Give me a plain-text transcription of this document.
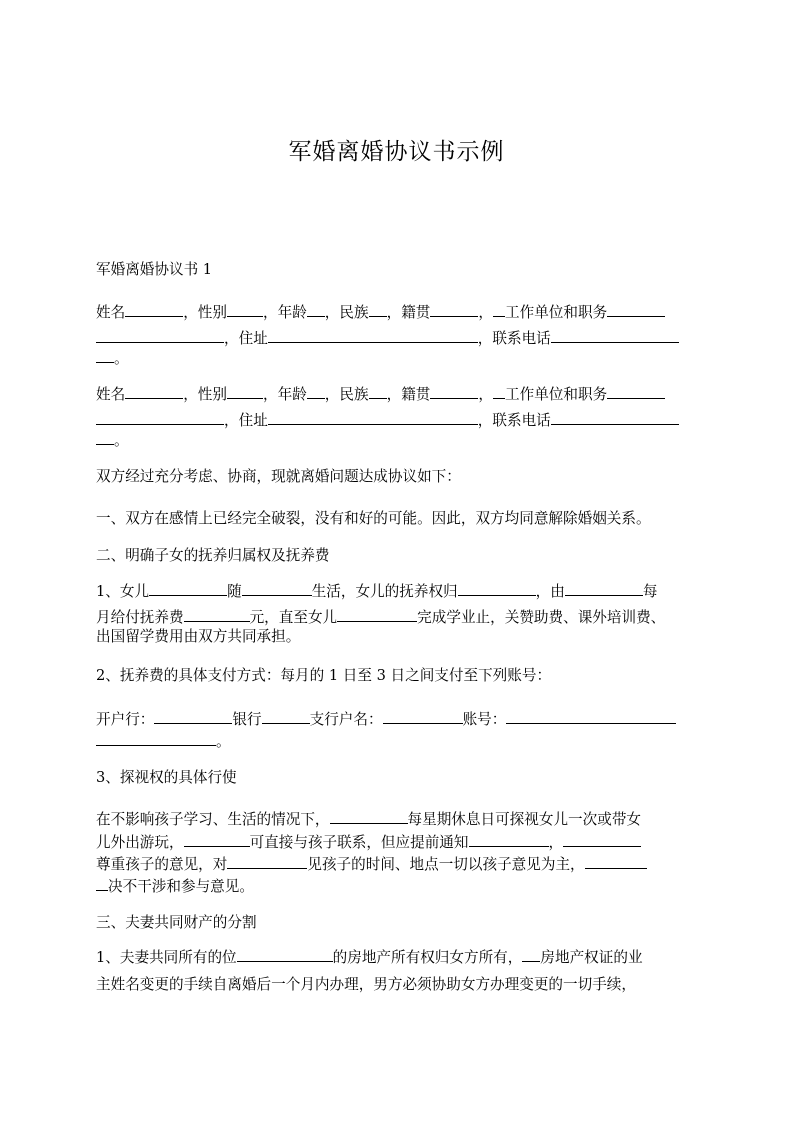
军婚离婚协议书示例
军婚离婚协议书 1
姓名	，性别 ，年龄 ，民族 ，籍贯	， 工作单位和职务
，住址	，联系电话
。
姓名	，性别 ，年龄 ，民族 ，籍贯	， 工作单位和职务
，住址	，联系电话
。
双方经过充分考虑、协商，现就离婚问题达成协议如下：
一、双方在感情上已经完全破裂，没有和好的可能。因此，双方均同意解除婚姻关系。
二、明确子女的抚养归属权及抚养费
1、女儿	随	生活，女儿的抚养权归	，由	每
月给付抚养费	元，直至女儿	完成学业止，关赞助费、课外培训费、
出国留学费用由双方共同承担。
2、抚养费的具体支付方式：每月的 1 日至 3 日之间支付至下列账号：
开户行：	银行	支行户名：	账号：
。
3、探视权的具体行使
在不影响孩子学习、生活的情况下，	每星期休息日可探视女儿一次或带女
儿外出游玩，	可直接与孩子联系，但应提前通知	，
尊重孩子的意见，对	见孩子的时间、地点一切以孩子意见为主，
决不干涉和参与意见。
三、夫妻共同财产的分割
1、夫妻共同所有的位	的房地产所有权归女方所有， 房地产权证的业
主姓名变更的手续自离婚后一个月内办理，男方必须协助女方办理变更的一切手续，
